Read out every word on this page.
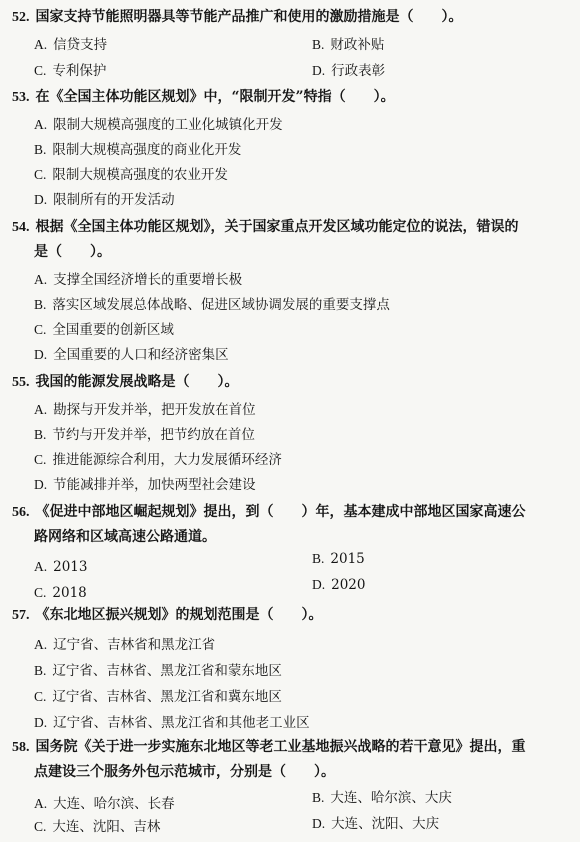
52. 国家支持节能照明器具等节能产品推广和使用的激励措施是（　　）。
A. 信贷支持	B. 财政补贴
C. 专利保护	D. 行政表彰
53. 在《全国主体功能区规划》中，“限制开发”特指（　　）。
A. 限制大规模高强度的工业化城镇化开发
B. 限制大规模高强度的商业化开发
C. 限制大规模高强度的农业开发
D. 限制所有的开发活动
54. 根据《全国主体功能区规划》，关于国家重点开发区域功能定位的说法，错误的
是（　　）。
A. 支撑全国经济增长的重要增长极
B. 落实区域发展总体战略、促进区域协调发展的重要支撑点
C. 全国重要的创新区域
D. 全国重要的人口和经济密集区
55. 我国的能源发展战略是（　　）。
A. 勘探与开发并举，把开发放在首位
B. 节约与开发并举，把节约放在首位
C. 推进能源综合利用，大力发展循环经济
D. 节能减排并举，加快两型社会建设
56. 《促进中部地区崛起规划》提出，到（　　）年，基本建成中部地区国家高速公
路网络和区域高速公路通道。
A. 2013
B. 2015
C. 2018
D. 2020
57. 《东北地区振兴规划》的规划范围是（　　）。
A. 辽宁省、吉林省和黑龙江省
B. 辽宁省、吉林省、黑龙江省和蒙东地区
C. 辽宁省、吉林省、黑龙江省和冀东地区
D. 辽宁省、吉林省、黑龙江省和其他老工业区
58. 国务院《关于进一步实施东北地区等老工业基地振兴战略的若干意见》提出，重
点建设三个服务外包示范城市，分别是（　　）。
A. 大连、哈尔滨、长春	B. 大连、哈尔滨、大庆
C. 大连、沈阳、吉林	D. 大连、沈阳、大庆
